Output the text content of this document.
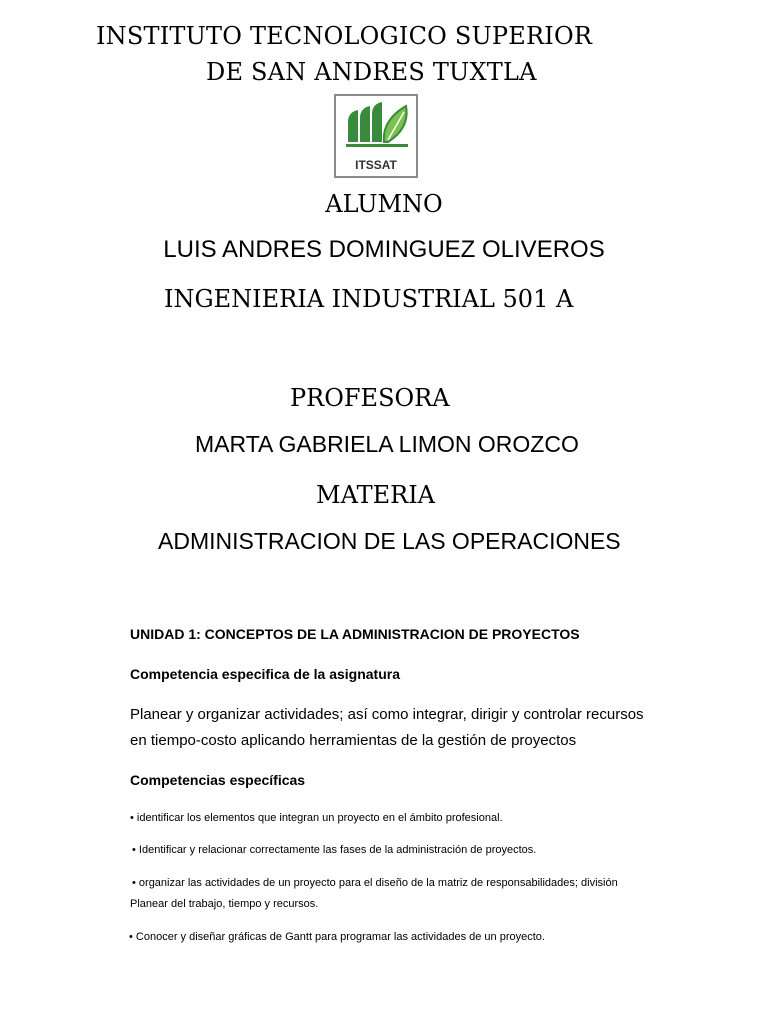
INSTITUTO TECNOLOGICO SUPERIOR
DE SAN ANDRES TUXTLA
ITSSAT
ALUMNO
LUIS ANDRES DOMINGUEZ OLIVEROS
INGENIERIA INDUSTRIAL 501 A
PROFESORA
MARTA GABRIELA LIMON OROZCO
MATERIA
ADMINISTRACION DE LAS OPERACIONES
UNIDAD 1: CONCEPTOS DE LA ADMINISTRACION DE PROYECTOS
Competencia especifica de la asignatura
Planear y organizar actividades; así como integrar, dirigir y controlar recursos
en tiempo-costo aplicando herramientas de la gestión de proyectos
Competencias específicas
• identificar los elementos que integran un proyecto en el ámbito profesional.
• Identificar y relacionar correctamente las fases de la administración de proyectos.
• organizar las actividades de un proyecto para el diseño de la matriz de responsabilidades; división
Planear del trabajo, tiempo y recursos.
• Conocer y diseñar gráficas de Gantt para programar las actividades de un proyecto.
